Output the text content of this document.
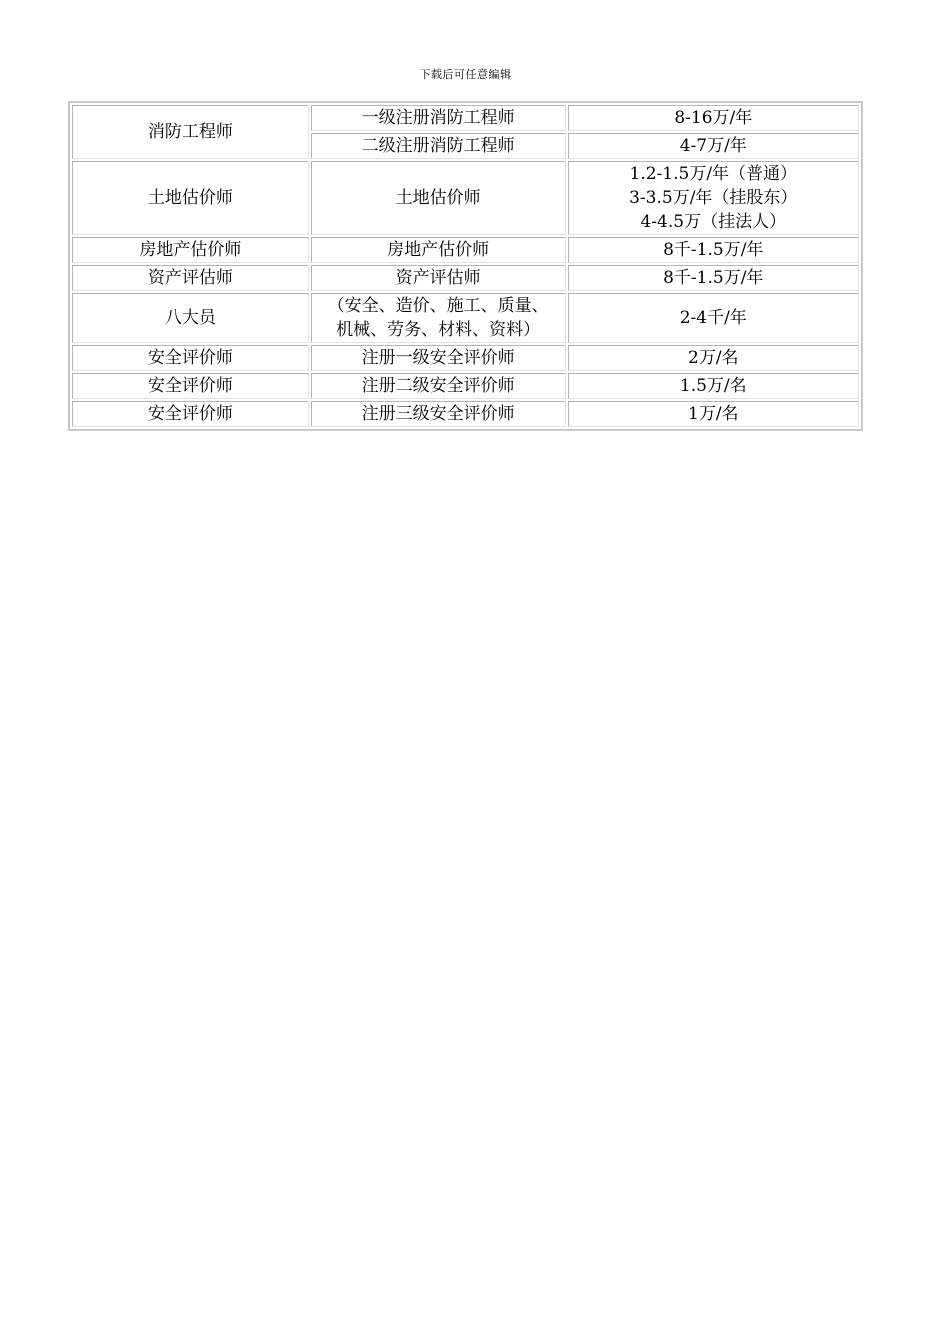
下载后可任意编辑
消防工程师	一级注册消防工程师	8-16万/年
	二级注册消防工程师	4-7万/年
土地估价师	土地估价师	1.2-1.5万/年（普通）
3-3.5万/年（挂股东）
4-4.5万（挂法人）

房地产估价师	房地产估价师	8千-1.5万/年
资产评估师	资产评估师	8千-1.5万/年
八大员	（安全、造价、施工、质量、
机械、劳务、材料、资料）	2-4千/年
安全评价师	注册一级安全评价师	2万/名
安全评价师	注册二级安全评价师	1.5万/名
安全评价师	注册三级安全评价师	1万/名
